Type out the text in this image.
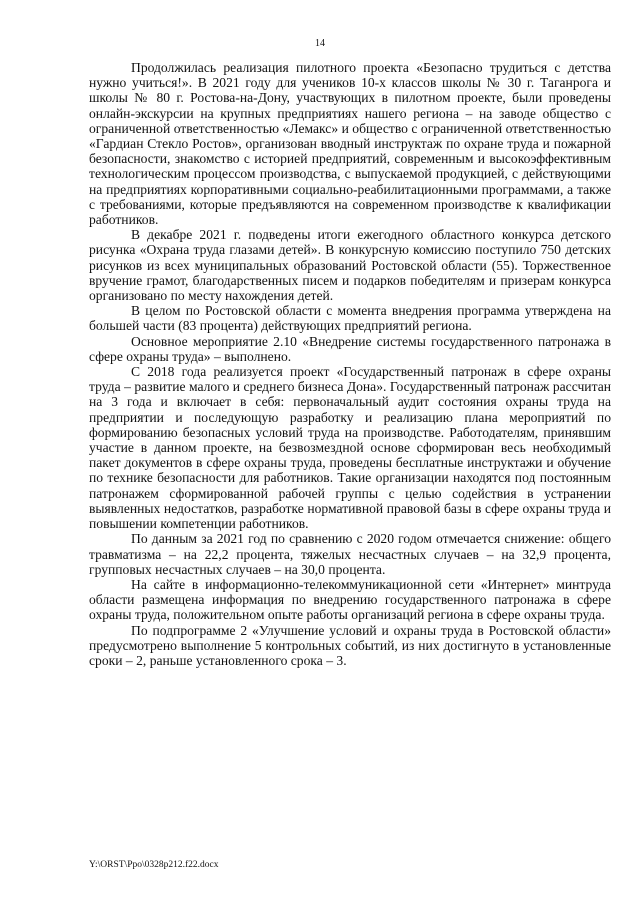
14

Продолжилась реализация пилотного проекта «Безопасно трудиться с детства нужно учиться!». В 2021 году для учеников 10-х классов школы № 30 г. Таганрога и школы № 80 г. Ростова-на-Дону, участвующих в пилотном проекте, были проведены онлайн-экскурсии на крупных предприятиях нашего региона – на заводе общество с ограниченной ответственностью «Лемакс» и общество с ограниченной ответственностью «Гардиан Стекло Ростов», организован вводный инструктаж по охране труда и пожарной безопасности, знакомство с историей предприятий, современным и высокоэффективным технологическим процессом производства, с выпускаемой продукцией, с действующими на предприятиях корпоративными социально-реабилитационными программами, а также с требованиями, которые предъявляются на современном производстве к квалификации работников.

В декабре 2021 г. подведены итоги ежегодного областного конкурса детского рисунка «Охрана труда глазами детей». В конкурсную комиссию поступило 750 детских рисунков из всех муниципальных образований Ростовской области (55). Торжественное вручение грамот, благодарственных писем и подарков победителям и призерам конкурса организовано по месту нахождения детей.

В целом по Ростовской области с момента внедрения программа утверждена на большей части (83 процента) действующих предприятий региона.

Основное мероприятие 2.10 «Внедрение системы государственного патронажа в сфере охраны труда» – выполнено.

С 2018 года реализуется проект «Государственный патронаж в сфере охраны труда – развитие малого и среднего бизнеса Дона». Государственный патронаж рассчитан на 3 года и включает в себя: первоначальный аудит состояния охраны труда на предприятии и последующую разработку и реализацию плана мероприятий по формированию безопасных условий труда на производстве. Работодателям, принявшим участие в данном проекте, на безвозмездной основе сформирован весь необходимый пакет документов в сфере охраны труда, проведены бесплатные инструктажи и обучение по технике безопасности для работников. Такие организации находятся под постоянным патронажем сформированной рабочей группы с целью содействия в устранении выявленных недостатков, разработке нормативной правовой базы в сфере охраны труда и повышении компетенции работников.

По данным за 2021 год по сравнению с 2020 годом отмечается снижение: общего травматизма – на 22,2 процента, тяжелых несчастных случаев – на 32,9 процента, групповых несчастных случаев – на 30,0 процента.

На сайте в информационно-телекоммуникационной сети «Интернет» минтруда области размещена информация по внедрению государственного патронажа в сфере охраны труда, положительном опыте работы организаций региона в сфере охраны труда.

По подпрограмме 2 «Улучшение условий и охраны труда в Ростовской области» предусмотрено выполнение 5 контрольных событий, из них достигнуто в установленные сроки – 2, раньше установленного срока – 3.

Y:\ORST\Ppo\0328p212.f22.docx
